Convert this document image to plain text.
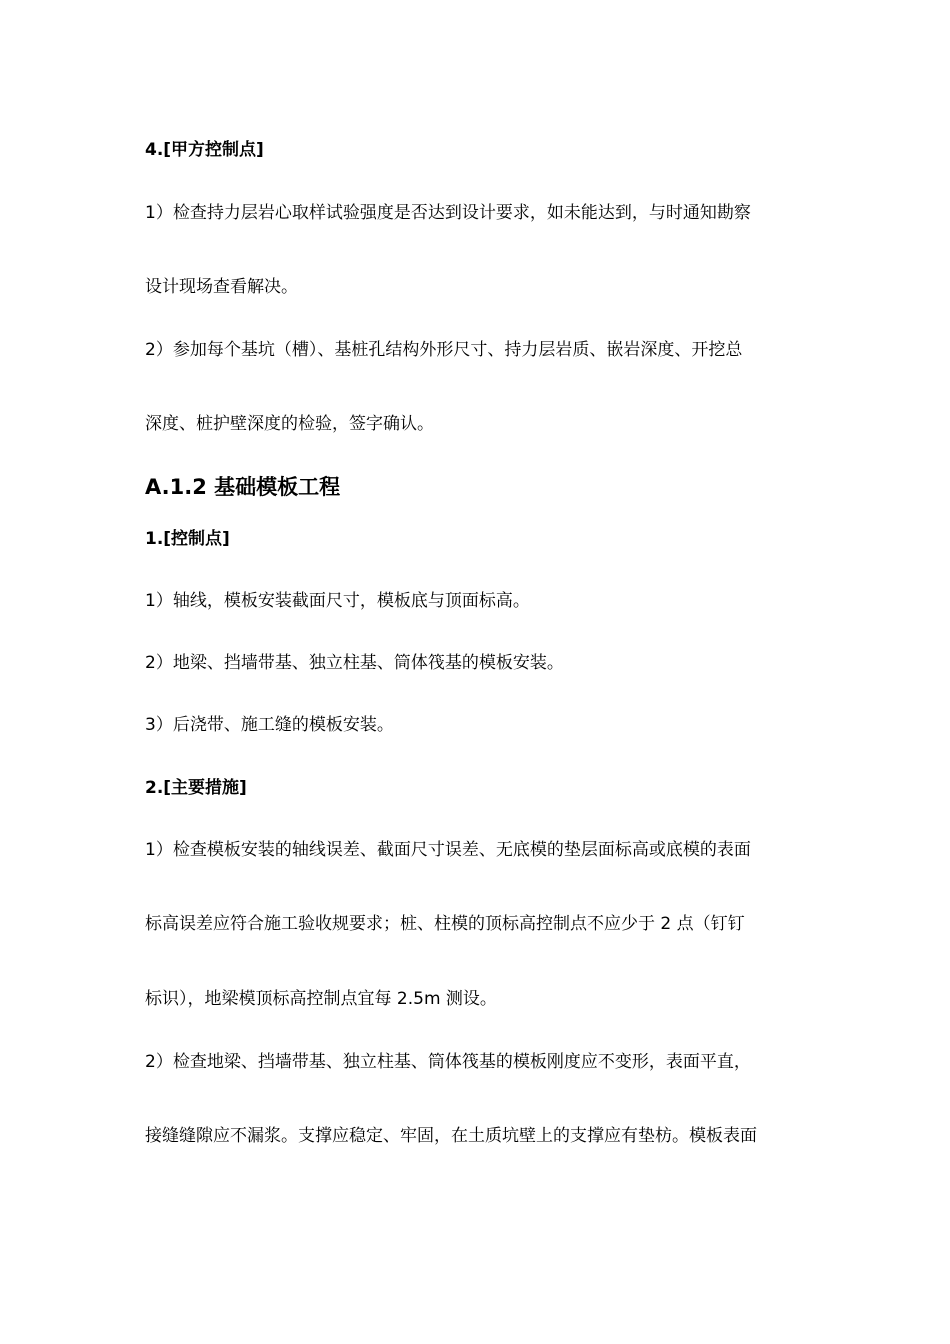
4.[甲方控制点]
1）检查持力层岩心取样试验强度是否达到设计要求，如未能达到，与时通知勘察
设计现场查看解决。
2）参加每个基坑（槽）、基桩孔结构外形尺寸、持力层岩质、嵌岩深度、开挖总
深度、桩护壁深度的检验，签字确认。
A.1.2 基础模板工程
1.[控制点]
1）轴线，模板安装截面尺寸，模板底与顶面标高。
2）地梁、挡墙带基、独立柱基、筒体筏基的模板安装。
3）后浇带、施工缝的模板安装。
2.[主要措施]
1）检查模板安装的轴线误差、截面尺寸误差、无底模的垫层面标高或底模的表面
标高误差应符合施工验收规要求；桩、柱模的顶标高控制点不应少于 2 点（钉钉
标识），地梁模顶标高控制点宜每 2.5m 测设。
2）检查地梁、挡墙带基、独立柱基、筒体筏基的模板刚度应不变形，表面平直，
接缝缝隙应不漏浆。支撑应稳定、牢固，在土质坑壁上的支撑应有垫枋。模板表面
